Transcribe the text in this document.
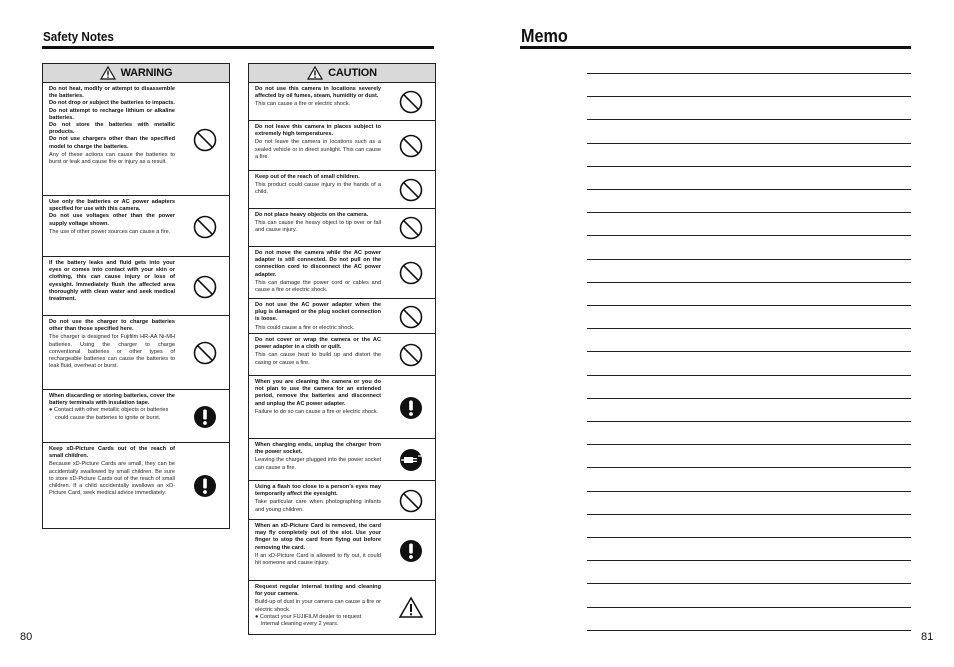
Safety Notes
WARNING
Do not heat, modify or attempt to disassemble the batteries.
Do not drop or subject the batteries to impacts.
Do not attempt to recharge lithium or alkaline batteries.
Do not store the batteries with metallic products.
Do not use chargers other than the specified model to charge the batteries.
Any of these actions can cause the batteries to burst or leak and cause fire or injury as a result.
Use only the batteries or AC power adapters specified for use with this camera.
Do not use voltages other than the power supply voltage shown.
The use of other power sources can cause a fire.
If the battery leaks and fluid gets into your eyes or comes into contact with your skin or clothing, this can cause injury or loss of eyesight. Immediately flush the affected area thoroughly with clean water and seek medical treatment.
Do not use the charger to charge batteries other than those specified here.
The charger is designed for Fujifilm HR-AA Ni-MH batteries. Using the charger to charge conventional batteries or other types of rechargeable batteries can cause the batteries to leak fluid, overheat or burst.
When discarding or storing batteries, cover the battery terminals with insulation tape.
● Contact with other metallic objects or batteries could cause the batteries to ignite or burst.
Keep xD-Picture Cards out of the reach of small children.
Because xD-Picture Cards are small, they can be accidentally swallowed by small children. Be sure to store xD-Picture Cards out of the reach of small children. If a child accidentally swallows an xD-Picture Card, seek medical advice immediately.
CAUTION
Do not use this camera in locations severely affected by oil fumes, steam, humidity or dust.
This can cause a fire or electric shock.
Do not leave this camera in places subject to extremely high temperatures.
Do not leave the camera in locations such as a sealed vehicle or in direct sunlight. This can cause a fire.
Keep out of the reach of small children.
This product could cause injury in the hands of a child.
Do not place heavy objects on the camera.
This can cause the heavy object to tip over or fall and cause injury.
Do not move the camera while the AC power adapter is still connected. Do not pull on the connection cord to disconnect the AC power adapter.
This can damage the power cord or cables and cause a fire or electric shock.
Do not use the AC power adapter when the plug is damaged or the plug socket connection is loose.
This could cause a fire or electric shock.
Do not cover or wrap the camera or the AC power adapter in a cloth or quilt.
This can cause heat to build up and distort the casing or cause a fire.
When you are cleaning the camera or you do not plan to use the camera for an extended period, remove the batteries and disconnect and unplug the AC power adapter.
Failure to do so can cause a fire or electric shock.
When charging ends, unplug the charger from the power socket.
Leaving the charger plugged into the power socket can cause a fire.
Using a flash too close to a person's eyes may temporarily affect the eyesight.
Take particular care when photographing infants and young children.
When an xD-Picture Card is removed, the card may fly completely out of the slot. Use your finger to stop the card from flying out before removing the card.
If an xD-Picture Card is allowed to fly out, it could hit someone and cause injury.
Request regular internal testing and cleaning for your camera.
Build-up of dust in your camera can cause a fire or electric shock.
● Contact your FUJIFILM dealer to request internal cleaning every 2 years.
80
Memo
81
